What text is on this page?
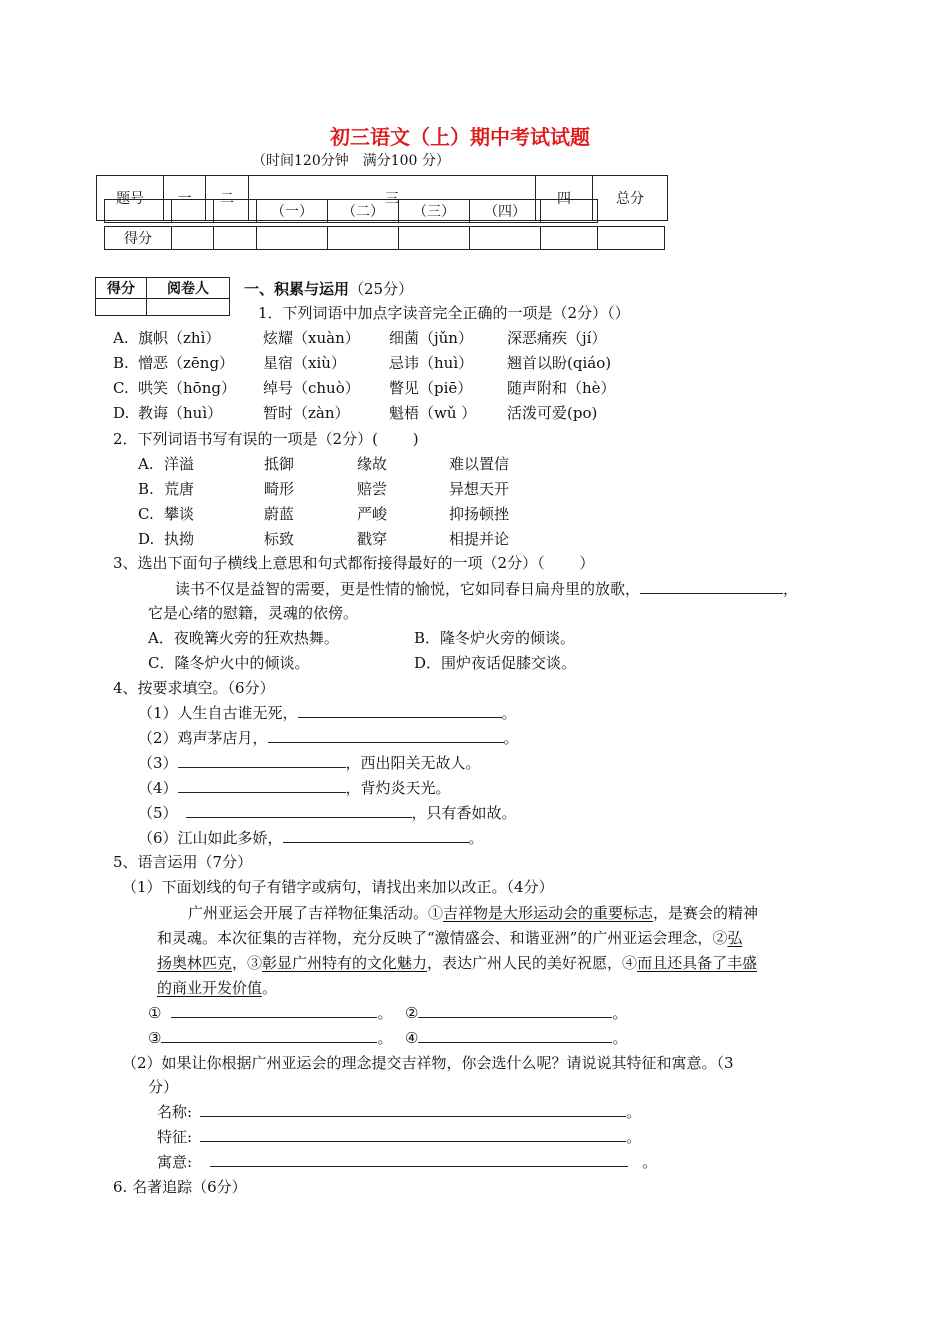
初三语文（上）期中考试试题
（时间120分钟　满分100 分）
题号	一	二	三	四	总分
			（一）	（二）	（三）	（四）	
得分								
得分	阅卷人
	一、积累与运用（25分）
1．下列词语中加点字读音完全正确的一项是（2分）（）
A. 旗帜（zhì）	炫耀（xuàn） 细菌（jǔn） 深恶痛疾（jí）
B. 憎恶（zēng） 星宿（xiù）	忌讳（huì） 翘首以盼(qiáo)
C. 哄笑（hōng） 绰号（chuò） 瞥见（piē） 随声附和（hè）
D. 教诲（huì）	暂时（zàn）	魁梧（wǔ ） 活泼可爱(po)
2．下列词语书写有误的一项是（2分）(　　 )
A. 洋溢	抵御	缘故	难以置信
B. 荒唐	畸形	赔尝	异想天开
C. 攀谈	蔚蓝	严峻	抑扬顿挫
D. 执拗	标致	戳穿	相提并论
3、选出下面句子横线上意思和句式都衔接得最好的一项（2分）（　　 ）
读书不仅是益智的需要，更是性情的愉悦，它如同春日扁舟里的放歌，	，
它是心绪的慰籍，灵魂的依傍。
A．夜晚篝火旁的狂欢热舞。	B．隆冬炉火旁的倾谈。
C．隆冬炉火中的倾谈。	D．围炉夜话促膝交谈。
4、按要求填空。（6分）
（1）人生自古谁无死，	。
（2）鸡声茅店月，	。
（3）	，西出阳关无故人。
（4）	，背灼炎天光。
（5）	，只有香如故。
（6）江山如此多娇，	。
5、语言运用（7分）
（1）下面划线的句子有错字或病句，请找出来加以改正。（4分）
广州亚运会开展了吉祥物征集活动。①吉祥物是大形运动会的重要标志，是赛会的精神
和灵魂。本次征集的吉祥物，充分反映了“激情盛会、和谐亚洲”的广州亚运会理念，②弘
扬奥林匹克，③彰显广州特有的文化魅力，表达广州人民的美好祝愿，④而且还具备了丰盛
的商业开发价值。
①	。 ②	。
③	。 ④	。
（2）如果让你根据广州亚运会的理念提交吉祥物，你会选什么呢？请说说其特征和寓意。（3
分）
名称:	。
特征:	。
寓意:	。
6. 名著追踪（6分）
